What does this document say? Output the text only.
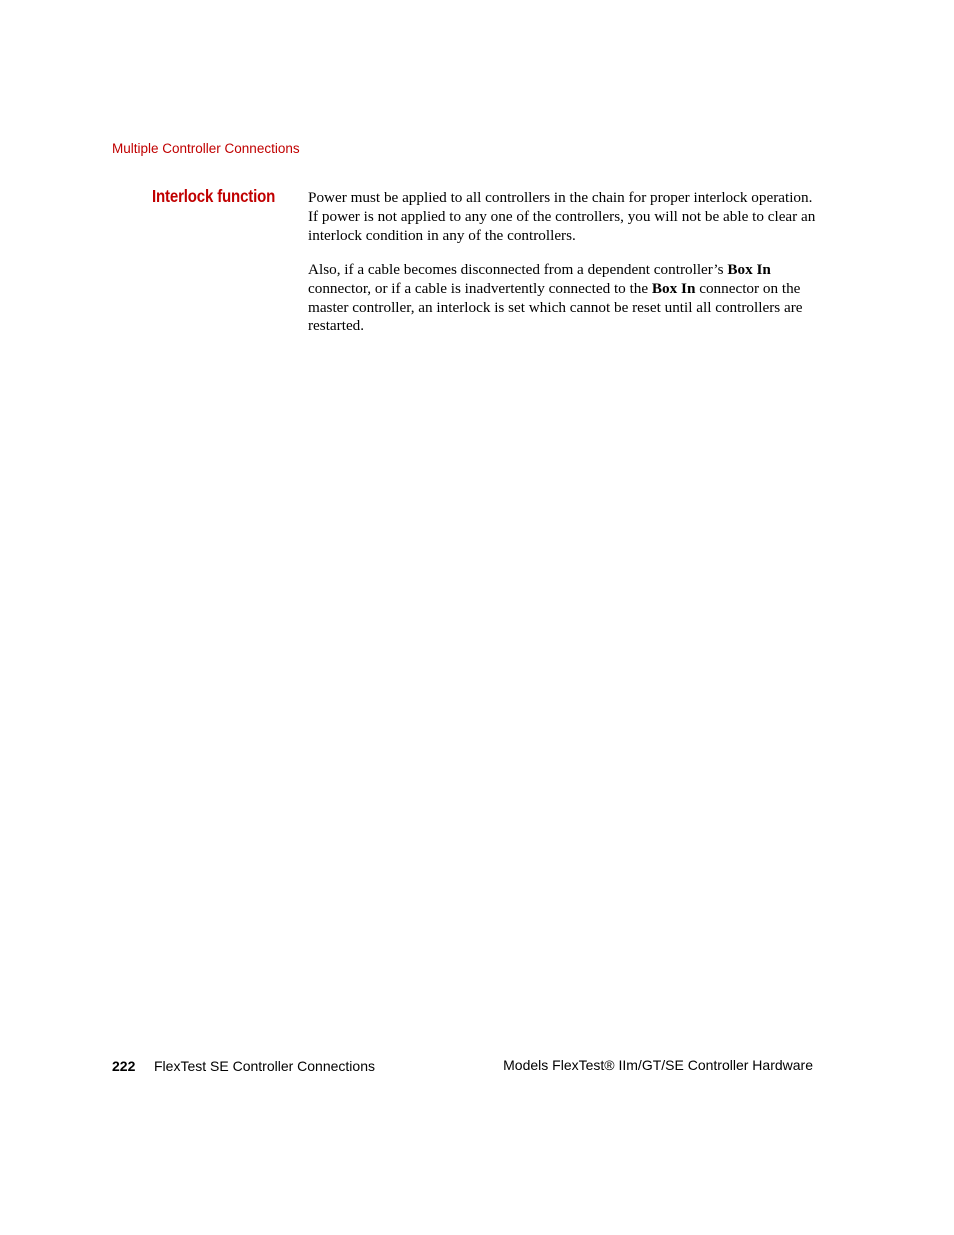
Multiple Controller Connections
Interlock function Power must be applied to all controllers in the chain for proper interlock operation. If power is not applied to any one of the controllers, you will not be able to clear an interlock condition in any of the controllers.

Also, if a cable becomes disconnected from a dependent controller’s Box In connector, or if a cable is inadvertently connected to the Box In connector on the master controller, an interlock is set which cannot be reset until all controllers are restarted.

222 FlexTest SE Controller Connections	Models FlexTest® IIm/GT/SE Controller Hardware
